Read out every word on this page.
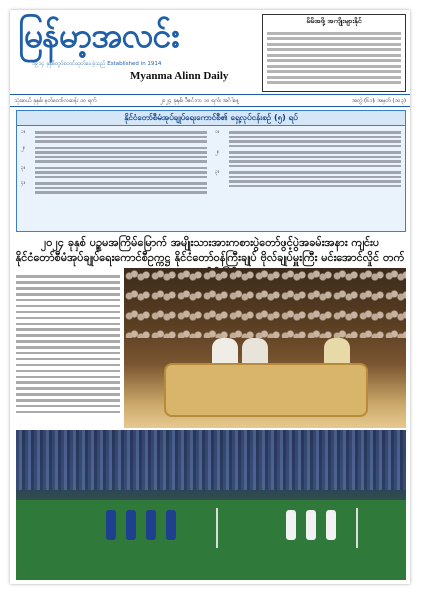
မြန်မာ့အလင်း
၁၉၁၄ ခုနှစ်တွင်စတင်ထုတ်ဝေခဲ့သည် Established in 1914
Myanma Alinn Daily
မိမိအဖို့ အကျိုးများနိုင်
သုံးဆယ် ခုနှစ်၊ နတ်တော်လဆန်း ၁၀ ရက်	၂၀၂၄ ခုနှစ်၊ ဒီဇင်ဘာ ၁၀ ရက်၊ အင်္ဂါနေ့	အတွဲ (၆၁)၊ အမှတ် (၁၀၃)
နိုင်ငံတော်စီမံအုပ်ချုပ်ရေးကောင်စီ၏ ရှေ့လုပ်ငန်းစဉ် (၅) ရပ်
၁။
၂။
၃။
၄။
၁။
၂။
၃။
၂၀၂၄ ခုနှစ် ပဉ္စမအကြိမ်မြောက် အမျိုးသားအားကစားပွဲတော်ဖွင့်ပွဲအခမ်းအနား ကျင်းပ
နိုင်ငံတော်စီမံအုပ်ချုပ်ရေးကောင်စီဥက္ကဋ္ဌ နိုင်ငံတော်ဝန်ကြီးချုပ် ဗိုလ်ချုပ်မှူးကြီး မင်းအောင်လှိုင် တက်
